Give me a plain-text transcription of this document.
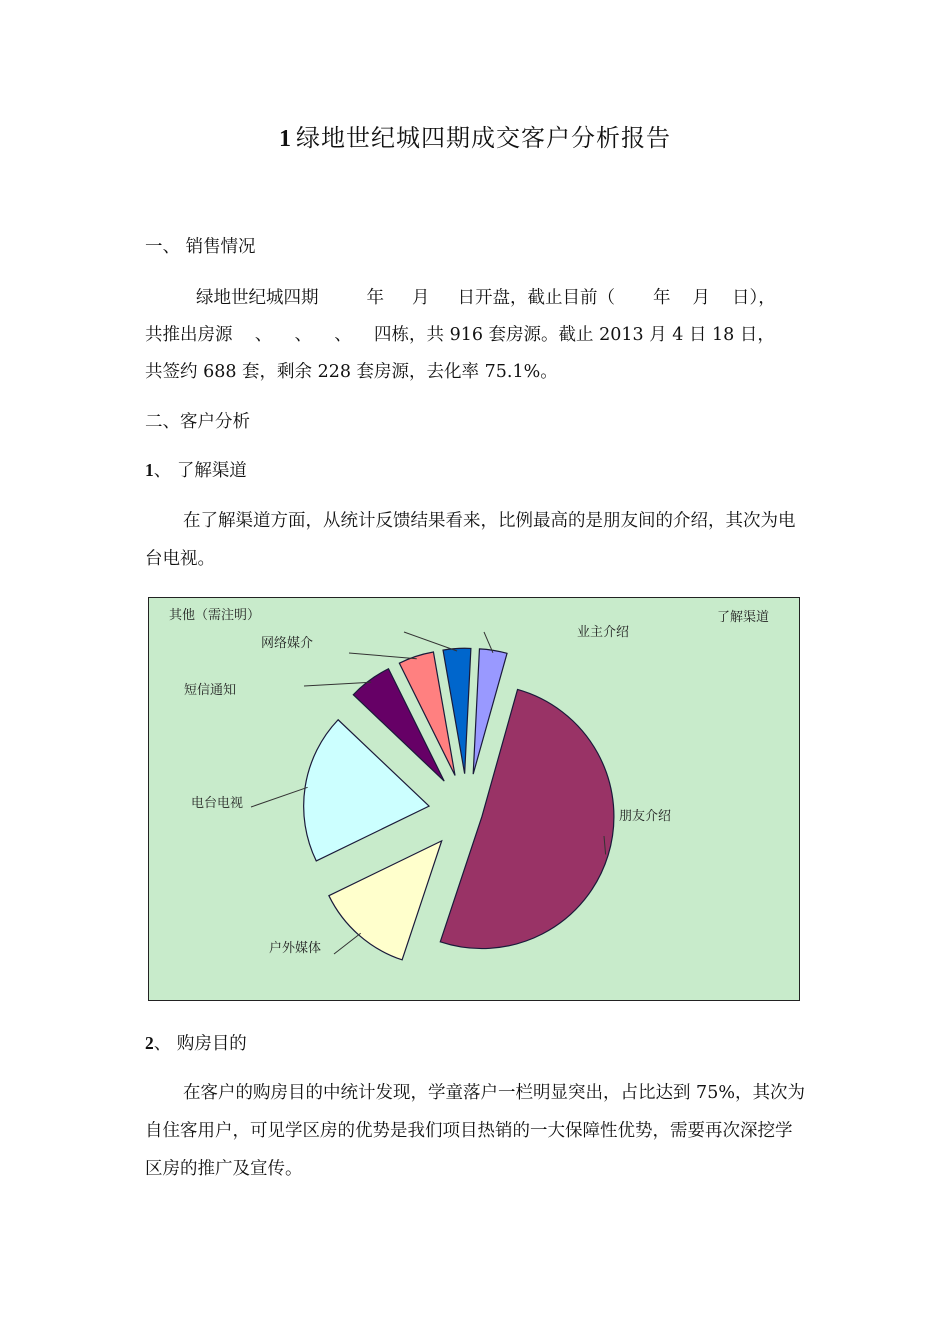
1 绿地世纪城四期成交客户分析报告
一、 销售情况
绿地世纪城四期	年 月 日开盘，截止目前（ 年 月 日），
共推出房源    、    、    、    四栋，共 916 套房源。截止 2013 月 4 日 18 日，
共签约 688 套，剩余 228 套房源，去化率 75.1%。
二、客户分析
1、 了解渠道

在了解渠道方面，从统计反馈结果看来，比例最高的是朋友间的介绍，其次为电台电视。

了解渠道
业主介绍
朋友介绍
户外媒体
电台电视
短信通知
网络媒介
其他（需注明）
2、 购房目的

在客户的购房目的中统计发现，学童落户一栏明显突出，占比达到 75%，其次为自住客用户，可见学区房的优势是我们项目热销的一大保障性优势，需要再次深挖学区房的推广及宣传。
